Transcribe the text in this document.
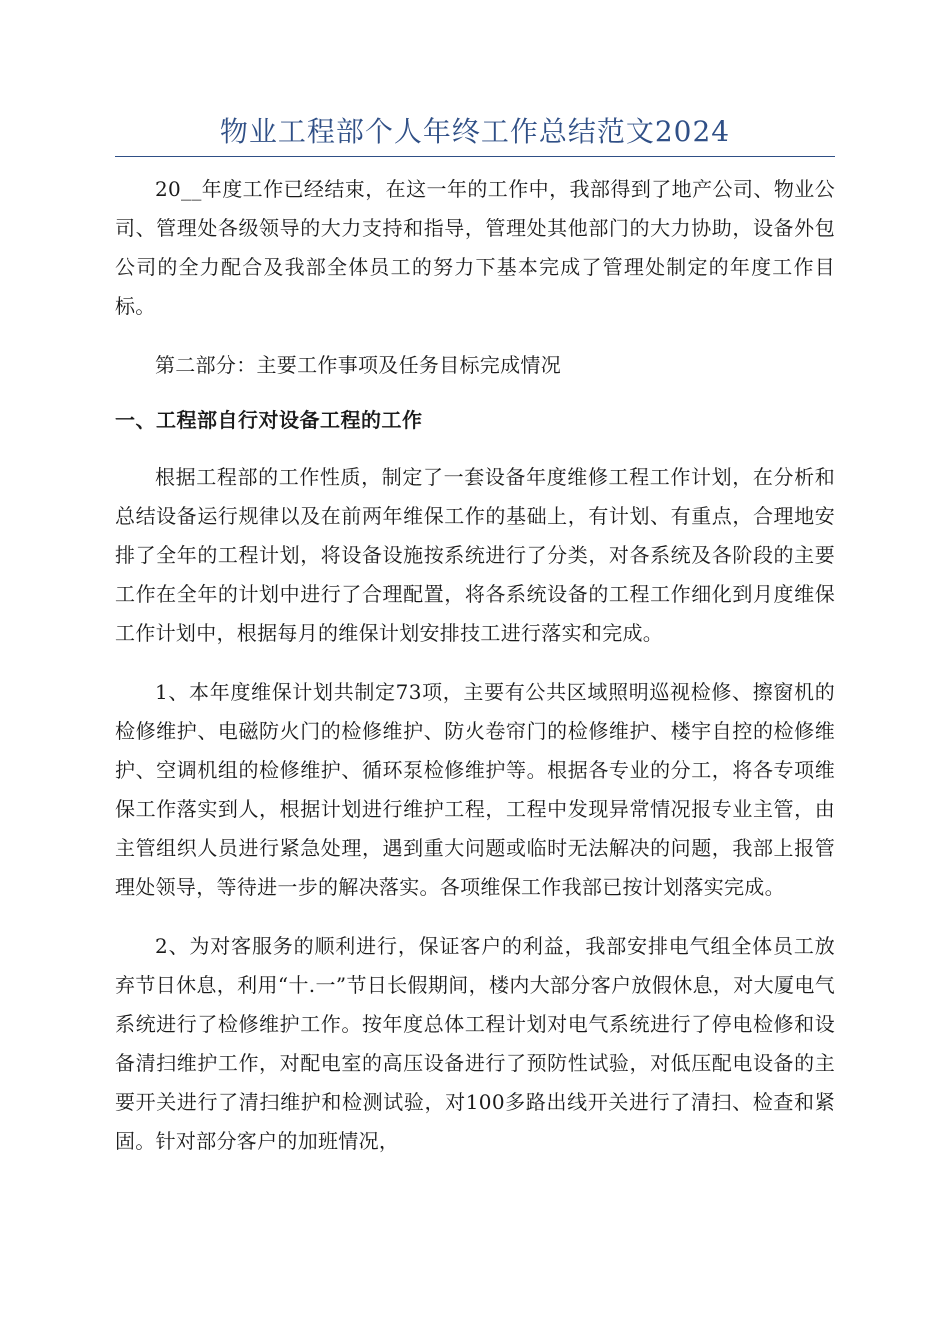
物业工程部个人年终工作总结范文2024

20__年度工作已经结束，在这一年的工作中，我部得到了地产公司、物业公司、管理处各级领导的大力支持和指导，管理处其他部门的大力协助，设备外包公司的全力配合及我部全体员工的努力下基本完成了管理处制定的年度工作目标。

第二部分：主要工作事项及任务目标完成情况

一、工程部自行对设备工程的工作

根据工程部的工作性质，制定了一套设备年度维修工程工作计划，在分析和总结设备运行规律以及在前两年维保工作的基础上，有计划、有重点，合理地安排了全年的工程计划，将设备设施按系统进行了分类，对各系统及各阶段的主要工作在全年的计划中进行了合理配置，将各系统设备的工程工作细化到月度维保工作计划中，根据每月的维保计划安排技工进行落实和完成。

1、本年度维保计划共制定73项，主要有公共区域照明巡视检修、擦窗机的检修维护、电磁防火门的检修维护、防火卷帘门的检修维护、楼宇自控的检修维护、空调机组的检修维护、循环泵检修维护等。根据各专业的分工，将各专项维保工作落实到人，根据计划进行维护工程，工程中发现异常情况报专业主管，由主管组织人员进行紧急处理，遇到重大问题或临时无法解决的问题，我部上报管理处领导，等待进一步的解决落实。各项维保工作我部已按计划落实完成。

2、为对客服务的顺利进行，保证客户的利益，我部安排电气组全体员工放弃节日休息，利用“十.一”节日长假期间，楼内大部分客户放假休息，对大厦电气系统进行了检修维护工作。按年度总体工程计划对电气系统进行了停电检修和设备清扫维护工作，对配电室的高压设备进行了预防性试验，对低压配电设备的主要开关进行了清扫维护和检测试验，对100多路出线开关进行了清扫、检查和紧固。针对部分客户的加班情况，
